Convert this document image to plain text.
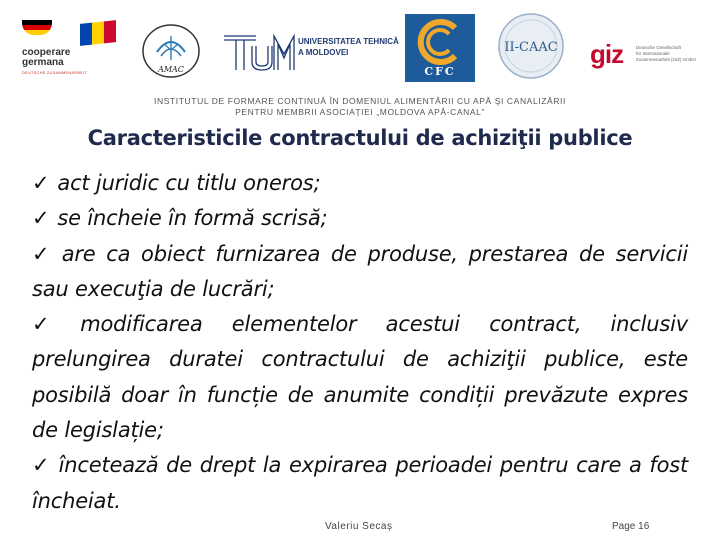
cooperare
germana
DEUTSCHE ZUSAMMENARBEIT	AMAC
UNIVERSITATEA TEHNICĂ
A MOLDOVEI
CFC
II-CAAC giz	Deutsche Gesellschaft
für Internationale
Zusammenarbeit (GIZ) GmbH
INSTITUTUL DE FORMARE CONTINUĂ ÎN DOMENIUL ALIMENTĂRII CU APĂ ŞI CANALIZĂRII
PENTRU MEMBRII ASOCIAȚIEI „MOLDOVA APĂ-CANAL”
Caracteristicile contractului de achiziţii publice

✓ act juridic cu titlu oneros;

✓ se încheie în formă scrisă;

✓ are ca obiect furnizarea de produse, prestarea de servicii sau execuţia de lucrări;

✓ modificarea elementelor acestui contract, inclusiv prelungirea duratei contractului de achiziţii publice, este posibilă doar în funcție de anumite condiții prevăzute expres de legislație;

✓ încetează de drept la expirarea perioadei pentru care a fost încheiat.

Valeriu Secaș	Page 16
